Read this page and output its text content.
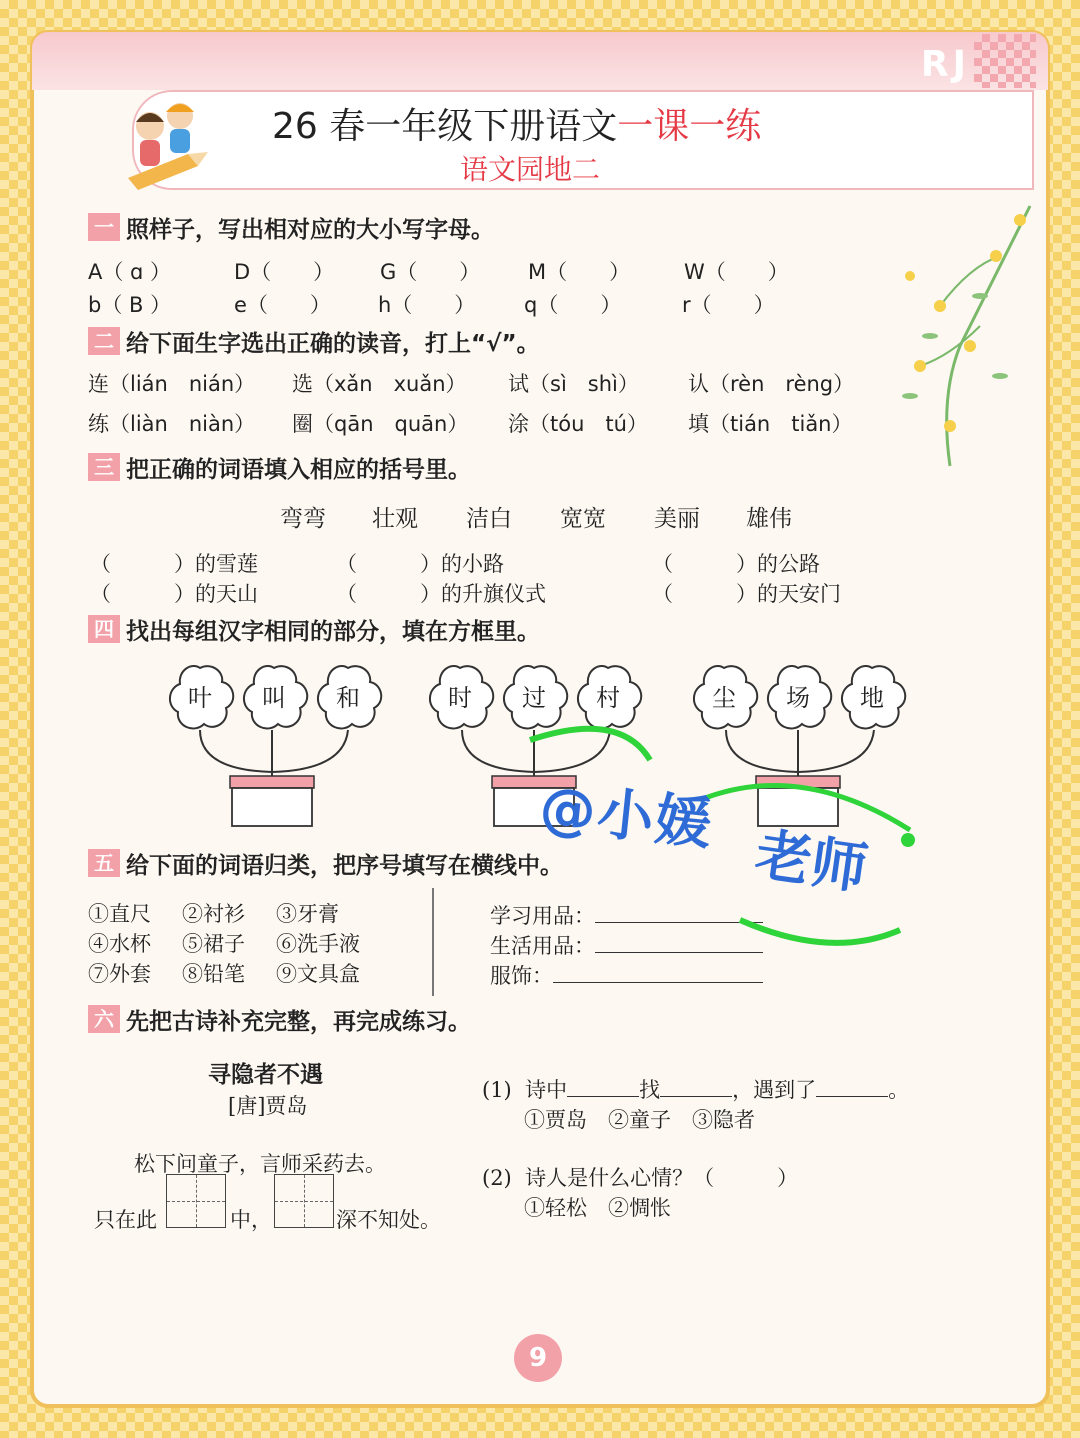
RJ
26 春一年级下册语文一课一练
语文园地二
一 照样子，写出相对应的大小写字母。
A（ ɑ ）	D（　　） G（　　） M（　　）	W（　　）
b（ B ）	e（　　） h（　　） q（　　）	r（　　）
二 给下面生字选出正确的读音，打上“√”。
连（lián　nián） 选（xǎn　xuǎn） 试（sì　shì） 认（rèn　rèng）
练（liàn　niàn） 圈（qān　quān） 涂（tóu　tú） 填（tián　tiǎn）
三 把正确的词语填入相应的括号里。
弯弯 壮观 洁白 宽宽 美丽 雄伟
（　　　）的雪莲	（　　　）的小路	（　　　）的公路
（　　　）的天山	（　　　）的升旗仪式	（　　　）的天安门
四 找出每组汉字相同的部分，填在方框里。
叶	叫	和	时	过	村	尘	场	地
五 给下面的词语归类，把序号填写在横线中。
①直尺 ②衬衫 ③牙膏
④水杯 ⑤裙子 ⑥洗手液
⑦外套 ⑧铅笔 ⑨文具盒
学习用品：
生活用品：
服饰：
六 先把古诗补充完整，再完成练习。
寻隐者不遇
[唐]贾岛
松下问童子，言师采药去。
只在此	中，	深不知处。
(1) 诗中	找	，遇到了	。
①贾岛　②童子　③隐者
(2) 诗人是什么心情？（　　　）
①轻松　②惆怅
@小媛
老师
9
